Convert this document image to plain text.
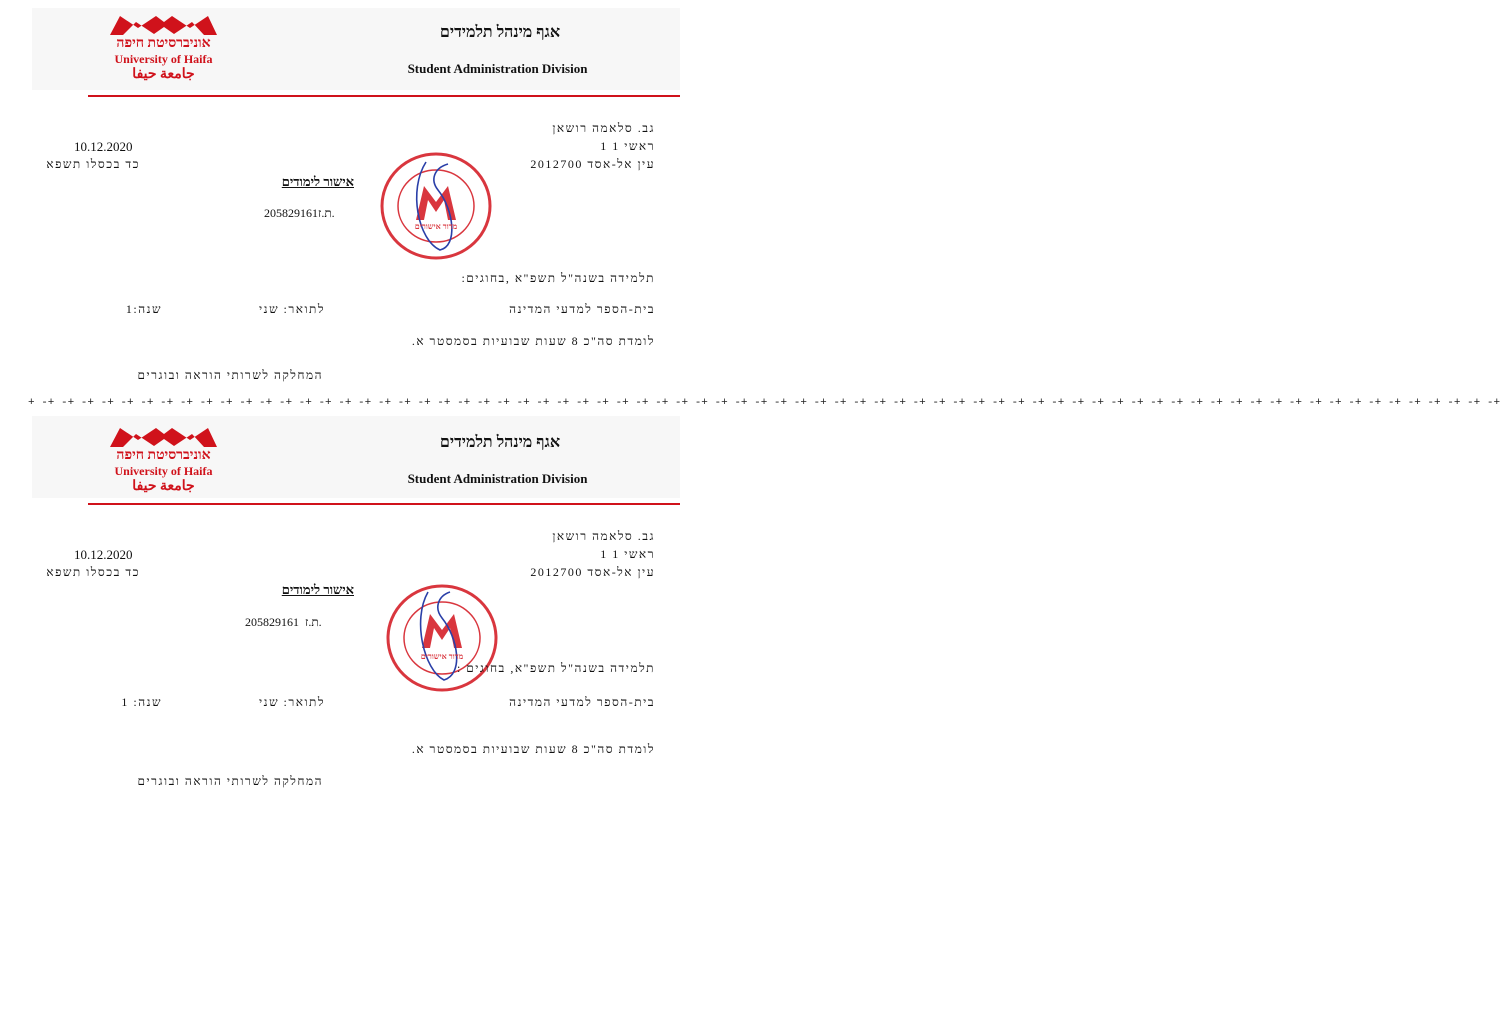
אוניברסיטת חיפה
University of Haifa
جامعة حيفا
אגף מינהל תלמידים
Student Administration Division
גב. סלאמה רושאן
ראשי 1 1
עין אל-אסד 2012700
10.12.2020
כד בכסלו תשפא
אישור לימודים
205829161ת.ז.
מדור אישורים
תלמידה בשנה"ל תשפ"א ,בחוגים:
בית-הספר למדעי המדינה
לתואר: שני
שנה:1
לומדת סה"כ 8 שעות שבועיות בסמסטר א.
המחלקה לשרותי הוראה ובוגרים
+ -+ -+ -+ -+ -+ -+ -+ -+ -+ -+ -+ -+ -+ -+ -+ -+ -+ -+ -+ -+ -+ -+ -+ -+ -+ -+ -+ -+ -+ -+ -+ -+ -+ -+ -+ -+ -+ -+ -+ -+ -+ -+ -+ -+ -+ -+ -+ -+ -+ -+ -+ -+ -+ -+ -+ -+ -+ -+ -+ -+ -+ -+ -+ -+ -+ -+ -+ -+ -+ -+ -+ -+ -+ -+
אוניברסיטת חיפה
University of Haifa
جامعة حيفا
אגף מינהל תלמידים
Student Administration Division
גב. סלאמה רושאן
ראשי 1 1
עין אל-אסד 2012700
10.12.2020
כד בכסלו תשפא
אישור לימודים
205829161 ת.ז.
מדור אישורים
תלמידה בשנה"ל תשפ"א, בחוגים :
בית-הספר למדעי המדינה
לתואר: שני
שנה: 1
לומדת סה"כ 8 שעות שבועיות בסמסטר א.
המחלקה לשרותי הוראה ובוגרים
